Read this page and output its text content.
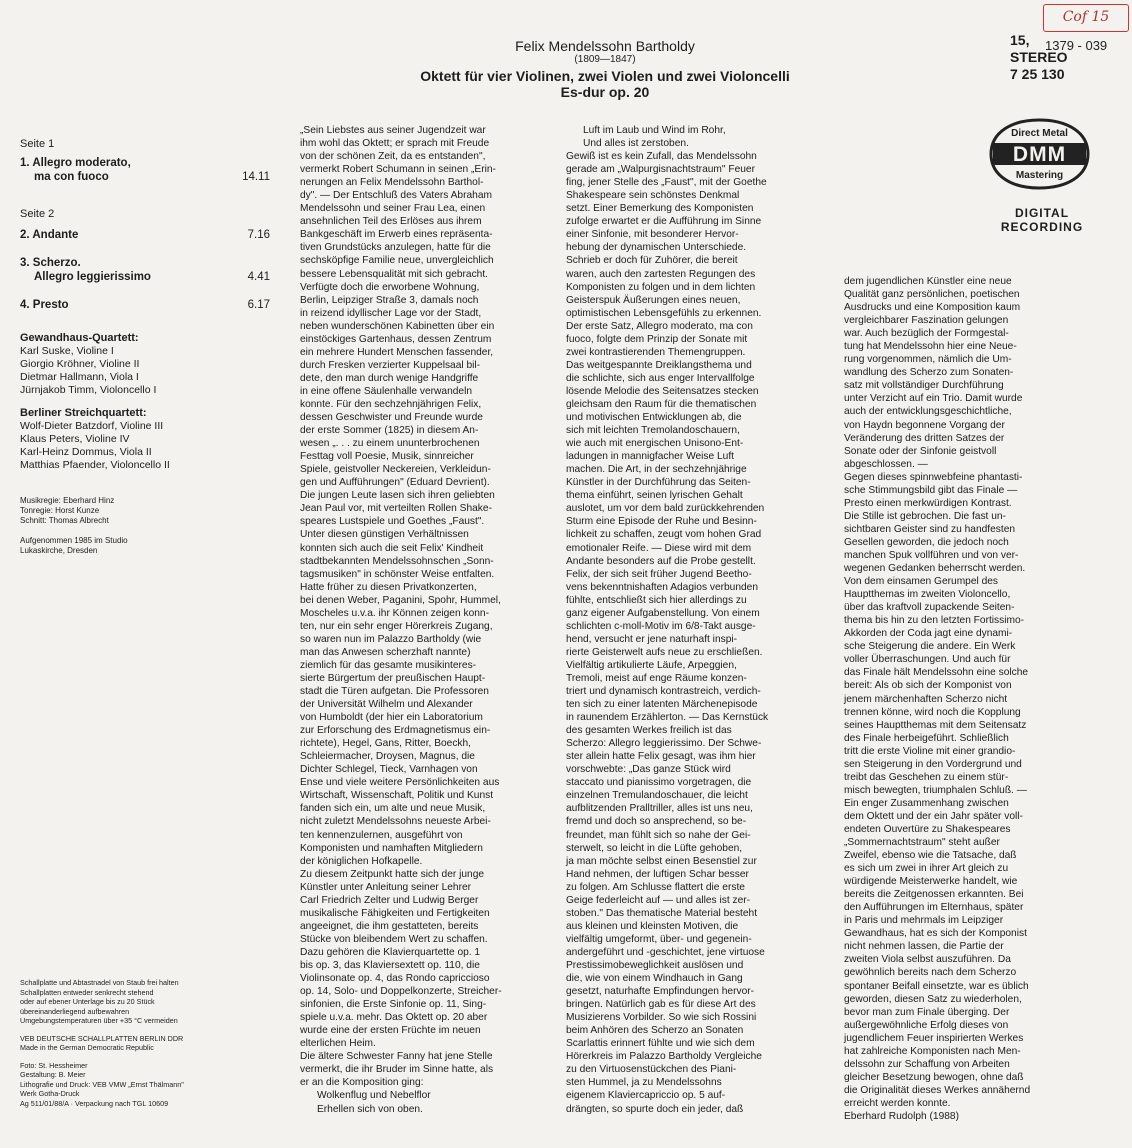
Felix Mendelssohn Bartholdy
(1809—1847)
Oktett für vier Violinen, zwei Violen und zwei Violoncelli
Es-dur op. 20
Cof 15
15,
STEREO
7 25 130
1379 - 039
Direct Metal
DMM
Mastering
DIGITAL
RECORDING
Seite 1
1. Allegro moderato,
ma con fuoco	14.11
Seite 2
2. Andante	7.16
3. Scherzo.
Allegro leggierissimo	4.41
4. Presto	6.17
Gewandhaus-Quartett:
Karl Suske, Violine I
Giorgio Kröhner, Violine II
Dietmar Hallmann, Viola I
Jürnjakob Timm, Violoncello I
Berliner Streichquartett:
Wolf-Dieter Batzdorf, Violine III
Klaus Peters, Violine IV
Karl-Heinz Dommus, Viola II
Matthias Pfaender, Violoncello II
Musikregie: Eberhard Hinz
Tonregie: Horst Kunze
Schnitt: Thomas Albrecht
Aufgenommen 1985 im Studio
Lukaskirche, Dresden
Schallplatte und Abtastnadel von Staub frei halten
Schallplatten entweder senkrecht stehend
oder auf ebener Unterlage bis zu 20 Stück
übereinanderliegend aufbewahren
Umgebungstemperaturen über +35 °C vermeiden
VEB DEUTSCHE SCHALLPLATTEN BERLIN DDR
Made in the German Democratic Republic
Foto: St. Hessheimer
Gestaltung: B. Meier
Lithografie und Druck: VEB VMW „Ernst Thälmann"
Werk Gotha-Druck
Ag 511/01/88/A · Verpackung nach TGL 10609

„Sein Liebstes aus seiner Jugendzeit war

ihm wohl das Oktett; er sprach mit Freude

von der schönen Zeit, da es entstanden",

vermerkt Robert Schumann in seinen „Erin-

nerungen an Felix Mendelssohn Barthol-

dy". — Der Entschluß des Vaters Abraham

Mendelssohn und seiner Frau Lea, einen

ansehnlichen Teil des Erlöses aus ihrem

Bankgeschäft im Erwerb eines repräsenta-

tiven Grundstücks anzulegen, hatte für die

sechsköpfige Familie neue, unvergleichlich

bessere Lebensqualität mit sich gebracht.

Verfügte doch die erworbene Wohnung,

Berlin, Leipziger Straße 3, damals noch

in reizend idyllischer Lage vor der Stadt,

neben wunderschönen Kabinetten über ein

einstöckiges Gartenhaus, dessen Zentrum

ein mehrere Hundert Menschen fassender,

durch Fresken verzierter Kuppelsaal bil-

dete, den man durch wenige Handgriffe

in eine offene Säulenhalle verwandeln

konnte. Für den sechzehnjährigen Felix,

dessen Geschwister und Freunde wurde

der erste Sommer (1825) in diesem An-

wesen „. . . zu einem ununterbrochenen

Festtag voll Poesie, Musik, sinnreicher

Spiele, geistvoller Neckereien, Verkleidun-

gen und Aufführungen" (Eduard Devrient).

Die jungen Leute lasen sich ihren geliebten

Jean Paul vor, mit verteilten Rollen Shake-

speares Lustspiele und Goethes „Faust".

Unter diesen günstigen Verhältnissen

konnten sich auch die seit Felix' Kindheit

stadtbekannten Mendelssohnschen „Sonn-

tagsmusiken" in schönster Weise entfalten.

Hatte früher zu diesen Privatkonzerten,

bei denen Weber, Paganini, Spohr, Hummel,

Moscheles u.v.a. ihr Können zeigen konn-

ten, nur ein sehr enger Hörerkreis Zugang,

so waren nun im Palazzo Bartholdy (wie

man das Anwesen scherzhaft nannte)

ziemlich für das gesamte musikinteres-

sierte Bürgertum der preußischen Haupt-

stadt die Türen aufgetan. Die Professoren

der Universität Wilhelm und Alexander

von Humboldt (der hier ein Laboratorium

zur Erforschung des Erdmagnetismus ein-

richtete), Hegel, Gans, Ritter, Boeckh,

Schleiermacher, Droysen, Magnus, die

Dichter Schlegel, Tieck, Varnhagen von

Ense und viele weitere Persönlichkeiten aus

Wirtschaft, Wissenschaft, Politik und Kunst

fanden sich ein, um alte und neue Musik,

nicht zuletzt Mendelssohns neueste Arbei-

ten kennenzulernen, ausgeführt von

Komponisten und namhaften Mitgliedern

der königlichen Hofkapelle.

Zu diesem Zeitpunkt hatte sich der junge

Künstler unter Anleitung seiner Lehrer

Carl Friedrich Zelter und Ludwig Berger

musikalische Fähigkeiten und Fertigkeiten

angeeignet, die ihm gestatteten, bereits

Stücke von bleibendem Wert zu schaffen.

Dazu gehören die Klavierquartette op. 1

bis op. 3, das Klaviersextett op. 110, die

Violinsonate op. 4, das Rondo capriccioso

op. 14, Solo- und Doppelkonzerte, Streicher-

sinfonien, die Erste Sinfonie op. 11, Sing-

spiele u.v.a. mehr. Das Oktett op. 20 aber

wurde eine der ersten Früchte im neuen

elterlichen Heim.

Die ältere Schwester Fanny hat jene Stelle

vermerkt, die ihr Bruder im Sinne hatte, als

er an die Komposition ging:

Wolkenflug und Nebelflor

Erhellen sich von oben.

Luft im Laub und Wind im Rohr,

Und alles ist zerstoben.

Gewiß ist es kein Zufall, das Mendelssohn

gerade am „Walpurgisnachtstraum" Feuer

fing, jener Stelle des „Faust", mit der Goethe

Shakespeare sein schönstes Denkmal

setzt. Einer Bemerkung des Komponisten

zufolge erwartet er die Aufführung im Sinne

einer Sinfonie, mit besonderer Hervor-

hebung der dynamischen Unterschiede.

Schrieb er doch für Zuhörer, die bereit

waren, auch den zartesten Regungen des

Komponisten zu folgen und in dem lichten

Geisterspuk Äußerungen eines neuen,

optimistischen Lebensgefühls zu erkennen.

Der erste Satz, Allegro moderato, ma con

fuoco, folgte dem Prinzip der Sonate mit

zwei kontrastierenden Themengruppen.

Das weitgespannte Dreiklangsthema und

die schlichte, sich aus enger Intervallfolge

lösende Melodie des Seitensatzes stecken

gleichsam den Raum für die thematischen

und motivischen Entwicklungen ab, die

sich mit leichten Tremolandoschauern,

wie auch mit energischen Unisono-Ent-

ladungen in mannigfacher Weise Luft

machen. Die Art, in der sechzehnjährige

Künstler in der Durchführung das Seiten-

thema einführt, seinen lyrischen Gehalt

auslotet, um vor dem bald zurückkehrenden

Sturm eine Episode der Ruhe und Besinn-

lichkeit zu schaffen, zeugt vom hohen Grad

emotionaler Reife. — Diese wird mit dem

Andante besonders auf die Probe gestellt.

Felix, der sich seit früher Jugend Beetho-

vens bekenntnishaften Adagios verbunden

fühlte, entschließt sich hier allerdings zu

ganz eigener Aufgabenstellung. Von einem

schlichten c-moll-Motiv im 6/8-Takt ausge-

hend, versucht er jene naturhaft inspi-

rierte Geisterwelt aufs neue zu erschließen.

Vielfältig artikulierte Läufe, Arpeggien,

Tremoli, meist auf enge Räume konzen-

triert und dynamisch kontrastreich, verdich-

ten sich zu einer latenten Märchenepisode

in raunendem Erzählerton. — Das Kernstück

des gesamten Werkes freilich ist das

Scherzo: Allegro leggierissimo. Der Schwe-

ster allein hatte Felix gesagt, was ihm hier

vorschwebte: „Das ganze Stück wird

staccato und pianissimo vorgetragen, die

einzelnen Tremulandoschauer, die leicht

aufblitzenden Pralltriller, alles ist uns neu,

fremd und doch so ansprechend, so be-

freundet, man fühlt sich so nahe der Gei-

sterwelt, so leicht in die Lüfte gehoben,

ja man möchte selbst einen Besenstiel zur

Hand nehmen, der luftigen Schar besser

zu folgen. Am Schlusse flattert die erste

Geige federleicht auf — und alles ist zer-

stoben." Das thematische Material besteht

aus kleinen und kleinsten Motiven, die

vielfältig umgeformt, über- und gegenein-

andergeführt und -geschichtet, jene virtuose

Prestissimobeweglichkeit auslösen und

die, wie von einem Windhauch in Gang

gesetzt, naturhafte Empfindungen hervor-

bringen. Natürlich gab es für diese Art des

Musizierens Vorbilder. So wie sich Rossini

beim Anhören des Scherzo an Sonaten

Scarlattis erinnert fühlte und wie sich dem

Hörerkreis im Palazzo Bartholdy Vergleiche

zu den Virtuosenstückchen des Piani-

sten Hummel, ja zu Mendelssohns

eigenem Klaviercapriccio op. 5 auf-

drängten, so spurte doch ein jeder, daß

dem jugendlichen Künstler eine neue

Qualität ganz persönlichen, poetischen

Ausdrucks und eine Komposition kaum

vergleichbarer Faszination gelungen

war. Auch bezüglich der Formgestal-

tung hat Mendelssohn hier eine Neue-

rung vorgenommen, nämlich die Um-

wandlung des Scherzo zum Sonaten-

satz mit vollständiger Durchführung

unter Verzicht auf ein Trio. Damit wurde

auch der entwicklungsgeschichtliche,

von Haydn begonnene Vorgang der

Veränderung des dritten Satzes der

Sonate oder der Sinfonie geistvoll

abgeschlossen. —

Gegen dieses spinnwebfeine phantasti-

sche Stimmungsbild gibt das Finale —

Presto einen merkwürdigen Kontrast.

Die Stille ist gebrochen. Die fast un-

sichtbaren Geister sind zu handfesten

Gesellen geworden, die jedoch noch

manchen Spuk vollführen und von ver-

wegenen Gedanken beherrscht werden.

Von dem einsamen Gerumpel des

Hauptthemas im zweiten Violoncello,

über das kraftvoll zupackende Seiten-

thema bis hin zu den letzten Fortissimo-

Akkorden der Coda jagt eine dynami-

sche Steigerung die andere. Ein Werk

voller Überraschungen. Und auch für

das Finale hält Mendelssohn eine solche

bereit: Als ob sich der Komponist von

jenem märchenhaften Scherzo nicht

trennen könne, wird noch die Kopplung

seines Hauptthemas mit dem Seitensatz

des Finale herbeigeführt. Schließlich

tritt die erste Violine mit einer grandio-

sen Steigerung in den Vordergrund und

treibt das Geschehen zu einem stür-

misch bewegten, triumphalen Schluß. —

Ein enger Zusammenhang zwischen

dem Oktett und der ein Jahr später voll-

endeten Ouvertüre zu Shakespeares

„Sommernachtstraum" steht außer

Zweifel, ebenso wie die Tatsache, daß

es sich um zwei in ihrer Art gleich zu

würdigende Meisterwerke handelt, wie

bereits die Zeitgenossen erkannten. Bei

den Aufführungen im Elternhaus, später

in Paris und mehrmals im Leipziger

Gewandhaus, hat es sich der Komponist

nicht nehmen lassen, die Partie der

zweiten Viola selbst auszuführen. Da

gewöhnlich bereits nach dem Scherzo

spontaner Beifall einsetzte, war es üblich

geworden, diesen Satz zu wiederholen,

bevor man zum Finale überging. Der

außergewöhnliche Erfolg dieses von

jugendlichem Feuer inspirierten Werkes

hat zahlreiche Komponisten nach Men-

delssohn zur Schaffung von Arbeiten

gleicher Besetzung bewogen, ohne daß

die Originalität dieses Werkes annähernd

erreicht werden konnte.

Eberhard Rudolph (1988)
